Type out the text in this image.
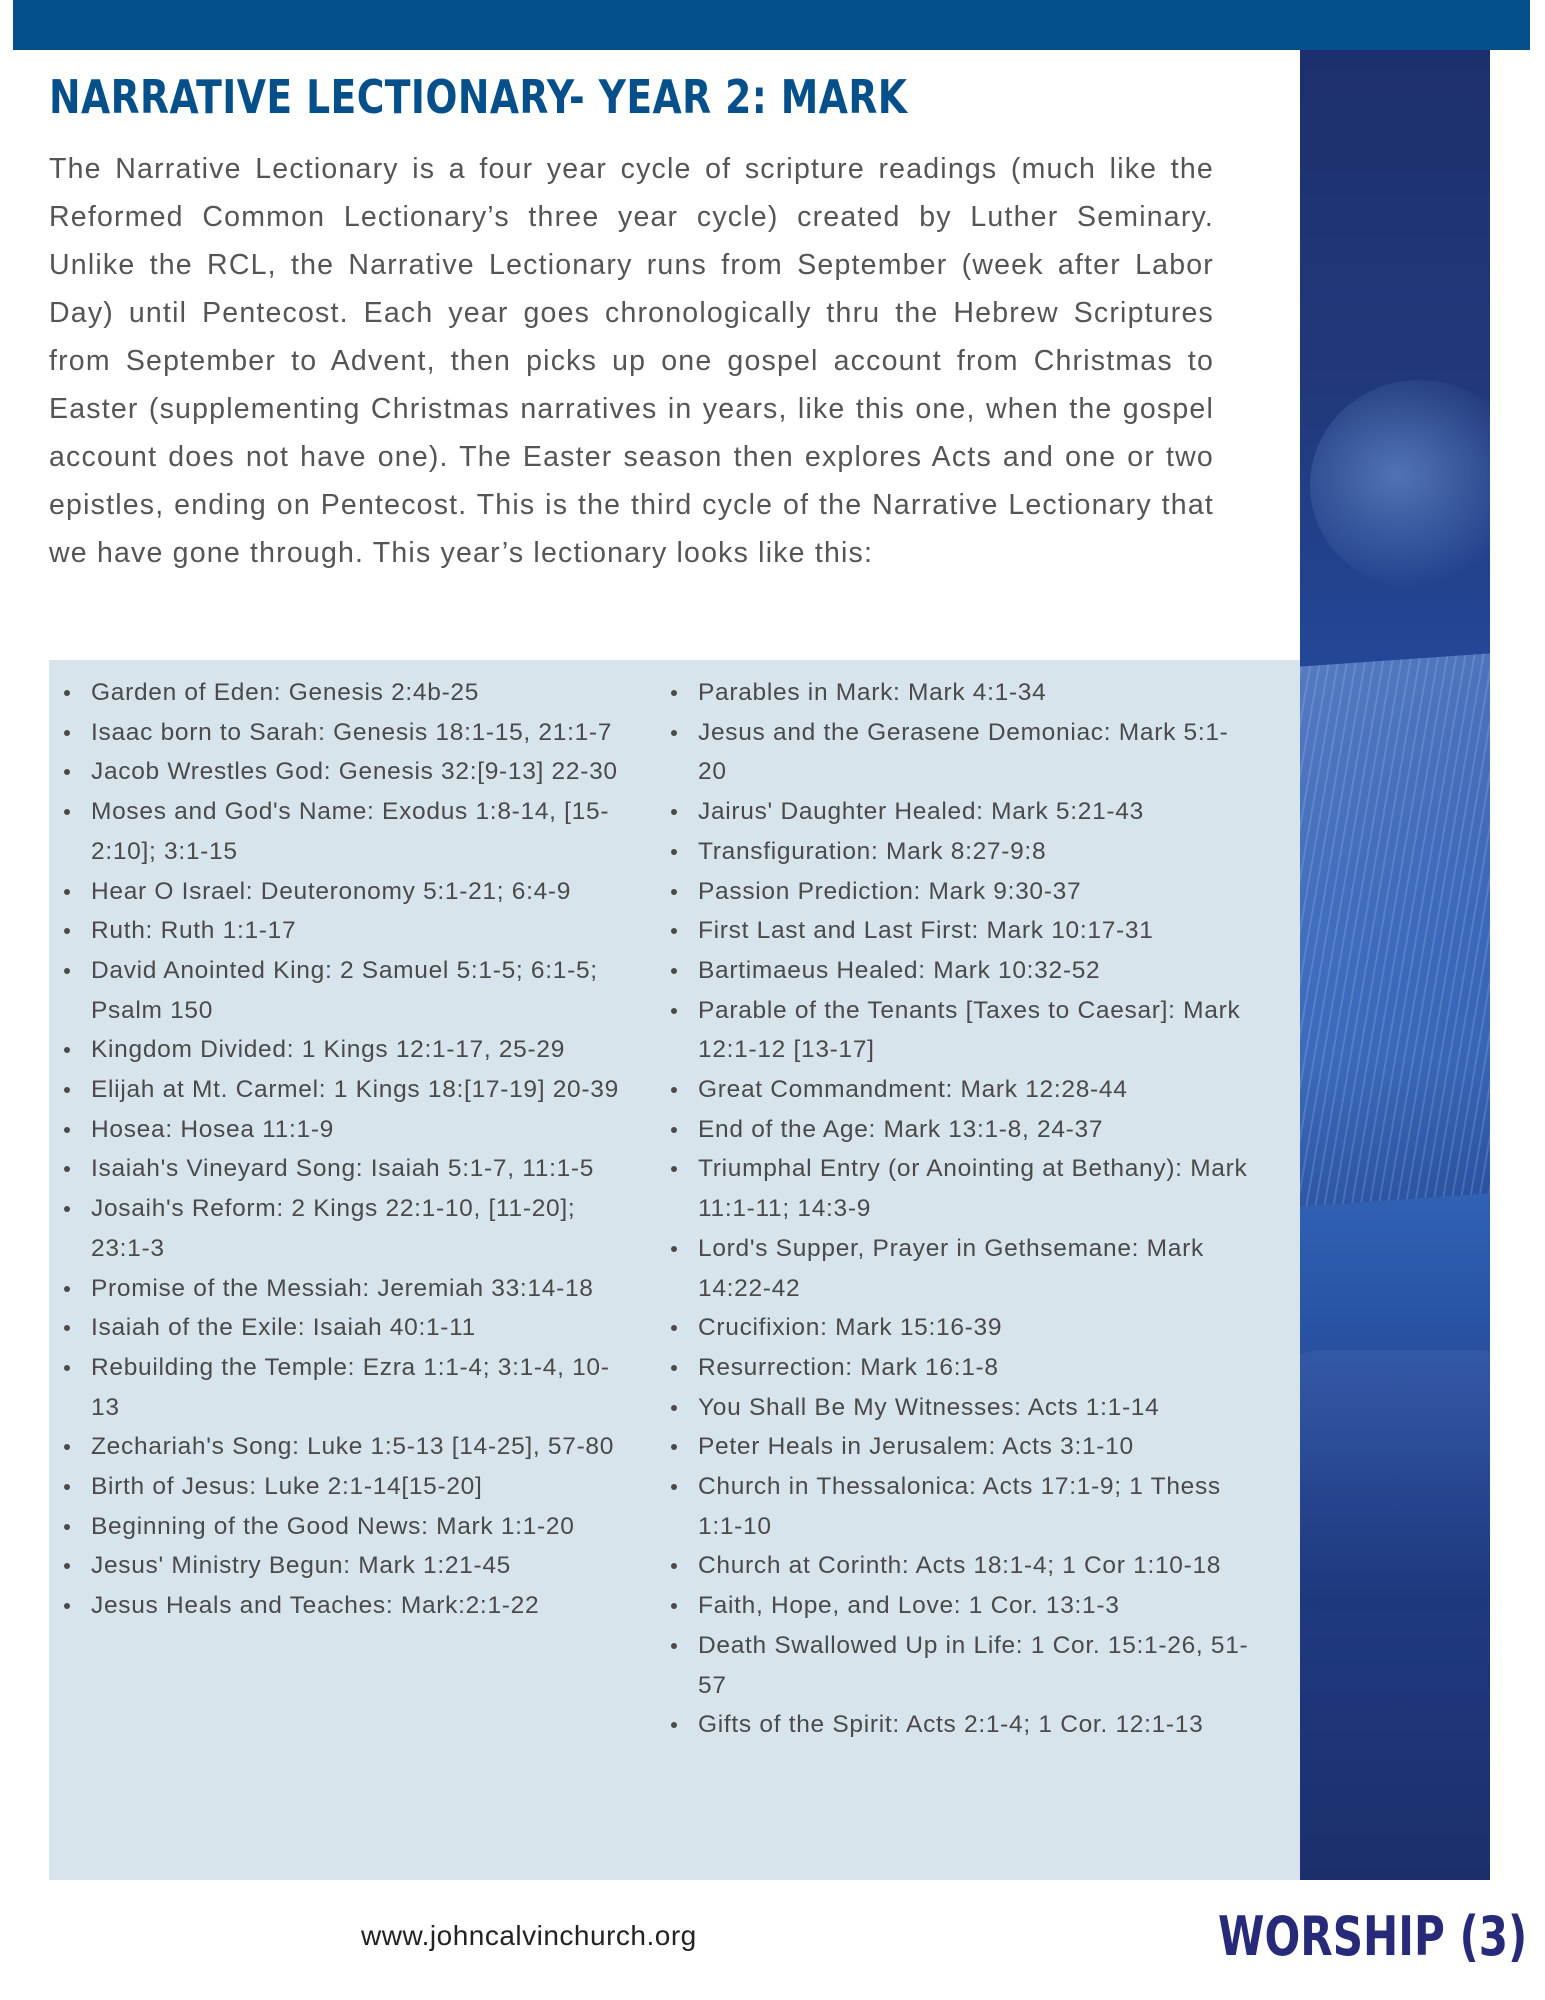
NARRATIVE LECTIONARY- YEAR 2: MARK

The Narrative Lectionary is a four year cycle of scripture readings (much like the Reformed Common Lectionary’s three year cycle) created by Luther Seminary. Unlike the RCL, the Narrative Lectionary runs from September (week after Labor Day) until Pentecost. Each year goes chronologically thru the Hebrew Scriptures from September to Advent, then picks up one gospel account from Christmas to Easter (supplementing Christmas narratives in years, like this one, when the gospel account does not have one). The Easter season then explores Acts and one or two epistles, ending on Pentecost. This is the third cycle of the Narrative Lectionary that we have gone through. This year’s lectionary looks like this:

Garden of Eden: Genesis 2:4b-25
Isaac born to Sarah: Genesis 18:1-15, 21:1-7
Jacob Wrestles God: Genesis 32:[9-13] 22-30
Moses and God's Name: Exodus 1:8-14, [15-2:10]; 3:1-15
Hear O Israel: Deuteronomy 5:1-21; 6:4-9
Ruth: Ruth 1:1-17
David Anointed King: 2 Samuel 5:1-5; 6:1-5; Psalm 150
Kingdom Divided: 1 Kings 12:1-17, 25-29
Elijah at Mt. Carmel: 1 Kings 18:[17-19] 20-39
Hosea: Hosea 11:1-9
Isaiah's Vineyard Song: Isaiah 5:1-7, 11:1-5
Josaih's Reform: 2 Kings 22:1-10, [11-20]; 23:1-3
Promise of the Messiah: Jeremiah 33:14-18
Isaiah of the Exile: Isaiah 40:1-11
Rebuilding the Temple: Ezra 1:1-4; 3:1-4, 10-13
Zechariah's Song: Luke 1:5-13 [14-25], 57-80
Birth of Jesus: Luke 2:1-14[15-20]
Beginning of the Good News: Mark 1:1-20
Jesus' Ministry Begun: Mark 1:21-45
Jesus Heals and Teaches: Mark:2:1-22
Parables in Mark: Mark 4:1-34
Jesus and the Gerasene Demoniac: Mark 5:1-20
Jairus' Daughter Healed: Mark 5:21-43
Transfiguration: Mark 8:27-9:8
Passion Prediction: Mark 9:30-37
First Last and Last First: Mark 10:17-31
Bartimaeus Healed: Mark 10:32-52
Parable of the Tenants [Taxes to Caesar]: Mark 12:1-12 [13-17]
Great Commandment: Mark 12:28-44
End of the Age: Mark 13:1-8, 24-37
Triumphal Entry (or Anointing at Bethany): Mark 11:1-11; 14:3-9
Lord's Supper, Prayer in Gethsemane: Mark 14:22-42
Crucifixion: Mark 15:16-39
Resurrection: Mark 16:1-8
You Shall Be My Witnesses: Acts 1:1-14
Peter Heals in Jerusalem: Acts 3:1-10
Church in Thessalonica: Acts 17:1-9; 1 Thess 1:1-10
Church at Corinth: Acts 18:1-4; 1 Cor 1:10-18
Faith, Hope, and Love: 1 Cor. 13:1-3
Death Swallowed Up in Life: 1 Cor. 15:1-26, 51-57
Gifts of the Spirit: Acts 2:1-4; 1 Cor. 12:1-13
www.johncalvinchurch.org	WORSHIP (3)
